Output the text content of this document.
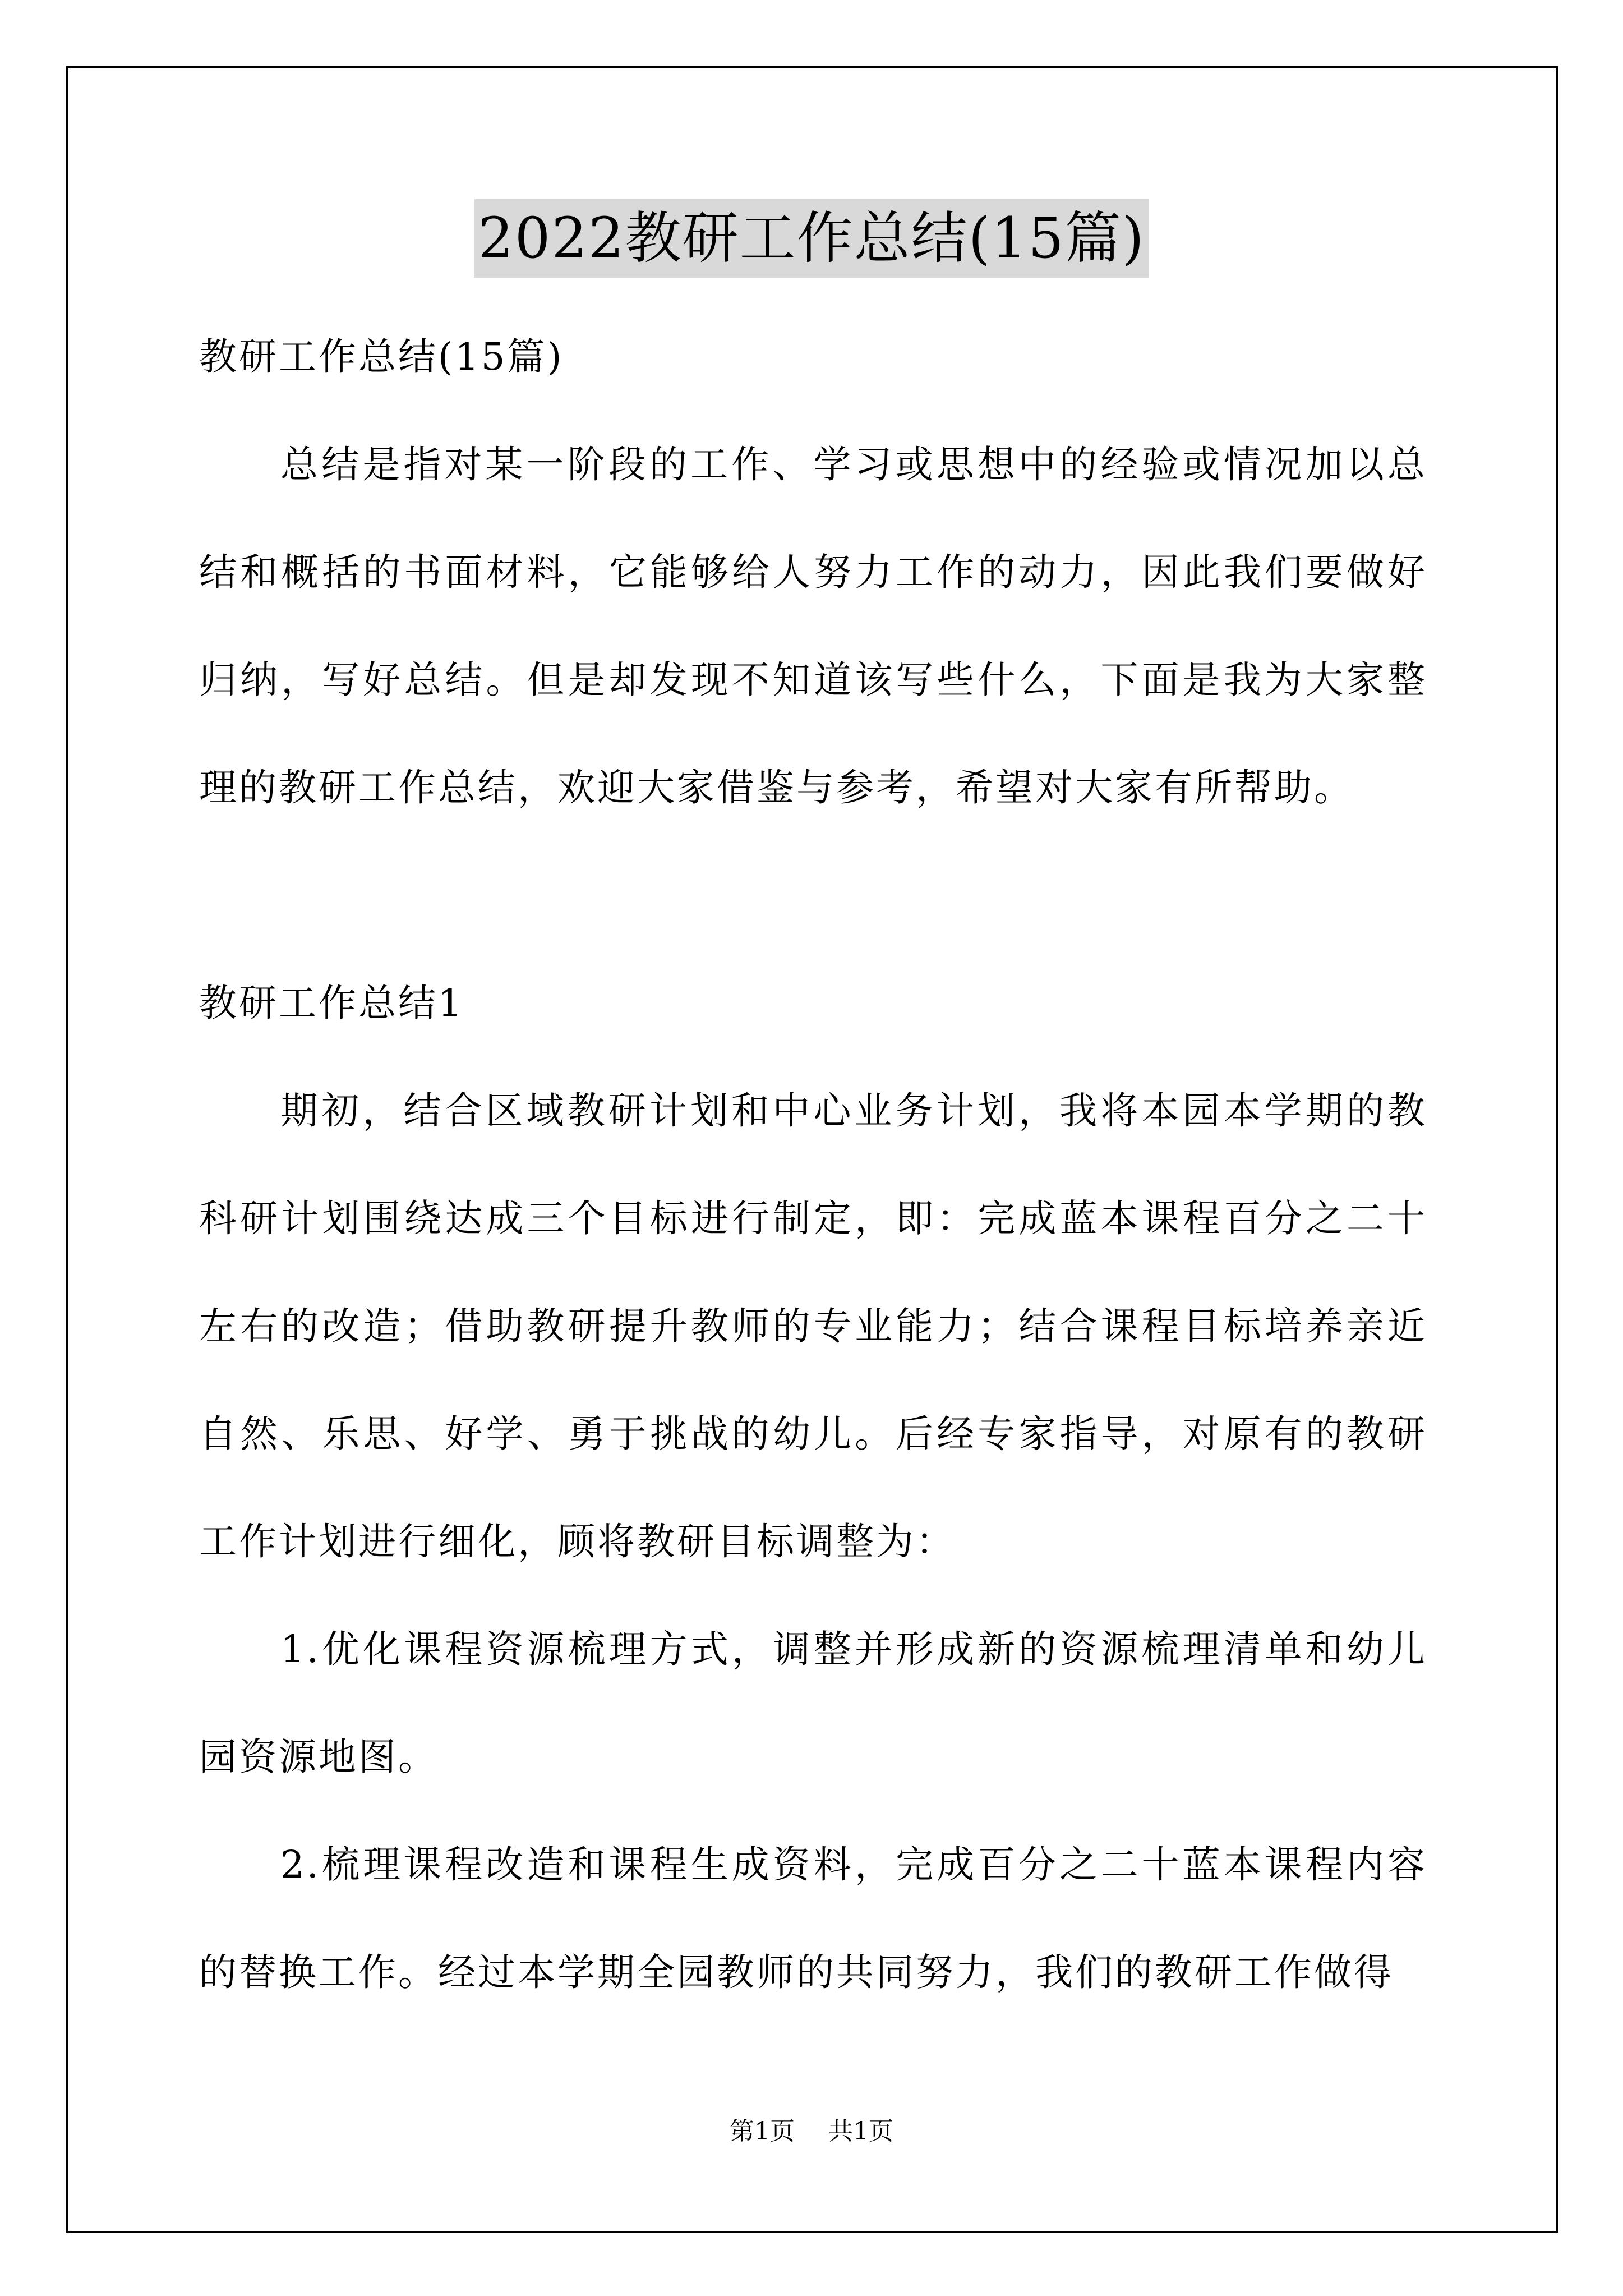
2022教研工作总结(15篇)

教研工作总结(15篇)

总结是指对某一阶段的工作、学习或思想中的经验或情况加以总结和概括的书面材料，它能够给人努力工作的动力，因此我们要做好归纳，写好总结。但是却发现不知道该写些什么，下面是我为大家整理的教研工作总结，欢迎大家借鉴与参考，希望对大家有所帮助。

教研工作总结1

期初，结合区域教研计划和中心业务计划，我将本园本学期的教科研计划围绕达成三个目标进行制定，即：完成蓝本课程百分之二十左右的改造；借助教研提升教师的专业能力；结合课程目标培养亲近自然、乐思、好学、勇于挑战的幼儿。后经专家指导，对原有的教研工作计划进行细化，顾将教研目标调整为：

1.优化课程资源梳理方式，调整并形成新的资源梳理清单和幼儿园资源地图。

2.梳理课程改造和课程生成资料，完成百分之二十蓝本课程内容的替换工作。经过本学期全园教师的共同努力，我们的教研工作做得

第1页 共1页
